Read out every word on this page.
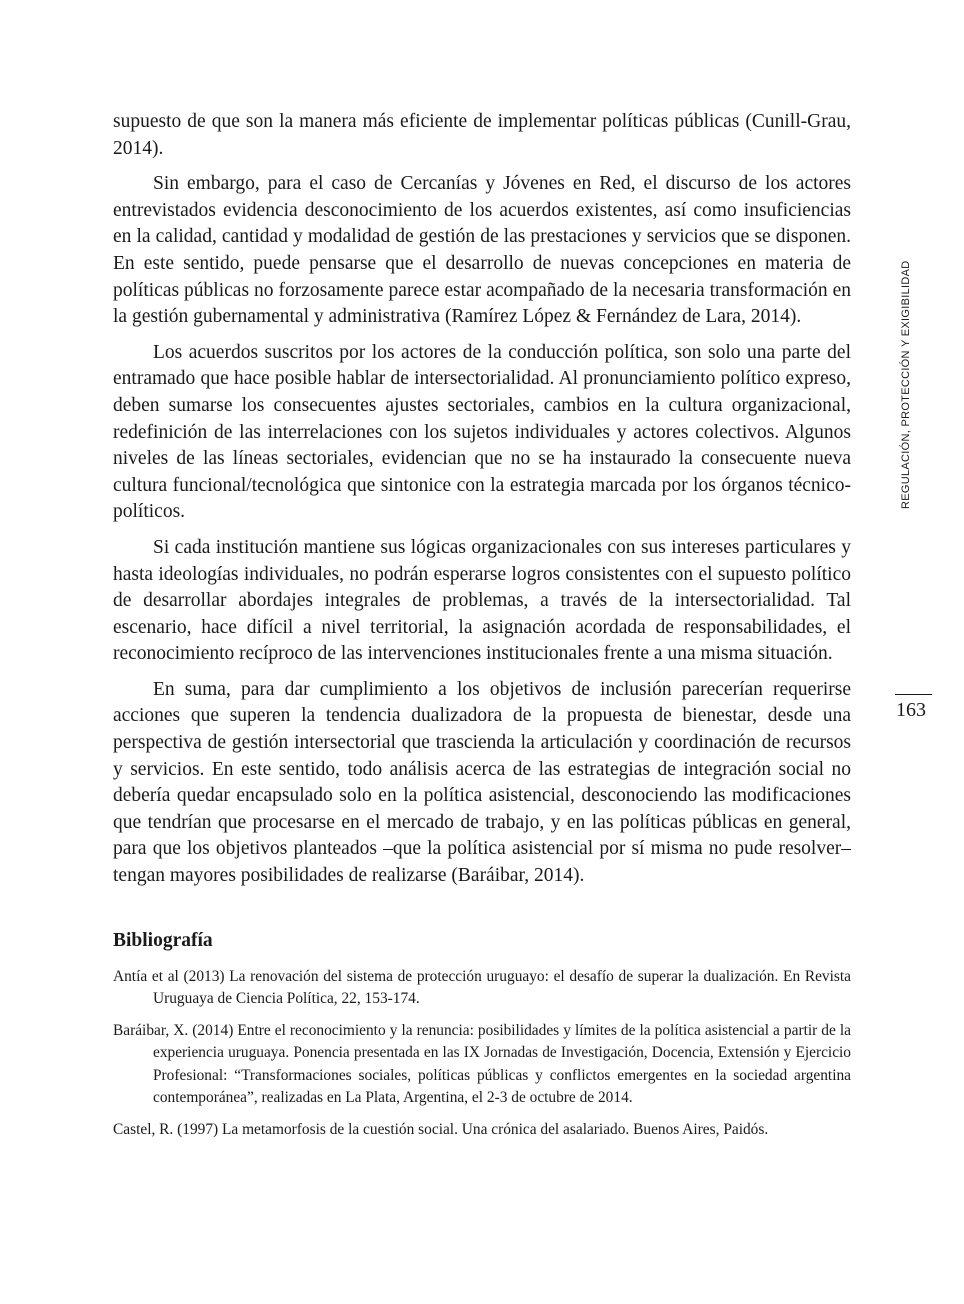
supuesto de que son la manera más eficiente de implementar políticas públicas (Cunill-Grau, 2014).

Sin embargo, para el caso de Cercanías y Jóvenes en Red, el discurso de los actores entrevistados evidencia desconocimiento de los acuerdos existentes, así como insuficiencias en la calidad, cantidad y modalidad de gestión de las prestaciones y servicios que se disponen. En este sentido, puede pensarse que el desarrollo de nuevas concepciones en materia de políticas públicas no forzosamente parece estar acompañado de la necesaria transformación en la gestión gubernamental y administrativa (Ramírez López & Fernández de Lara, 2014).

Los acuerdos suscritos por los actores de la conducción política, son solo una parte del entramado que hace posible hablar de intersectorialidad. Al pronunciamiento político expreso, deben sumarse los consecuentes ajustes sectoriales, cambios en la cultura organizacional, redefinición de las interrelaciones con los sujetos individuales y actores colectivos. Algunos niveles de las líneas sectoriales, evidencian que no se ha instaurado la consecuente nueva cultura funcional/tecnológica que sintonice con la estrategia marcada por los órganos técnico-políticos.

Si cada institución mantiene sus lógicas organizacionales con sus intereses particulares y hasta ideologías individuales, no podrán esperarse logros consistentes con el supuesto político de desarrollar abordajes integrales de problemas, a través de la intersectorialidad. Tal escenario, hace difícil a nivel territorial, la asignación acordada de responsabilidades, el reconocimiento recíproco de las intervenciones institucionales frente a una misma situación.

En suma, para dar cumplimiento a los objetivos de inclusión parecerían requerirse acciones que superen la tendencia dualizadora de la propuesta de bienestar, desde una perspectiva de gestión intersectorial que trascienda la articulación y coordinación de recursos y servicios. En este sentido, todo análisis acerca de las estrategias de integración social no debería quedar encapsulado solo en la política asistencial, desconociendo las modificaciones que tendrían que procesarse en el mercado de trabajo, y en las políticas públicas en general, para que los objetivos planteados –que la política asistencial por sí misma no pude resolver– tengan mayores posibilidades de realizarse (Baráibar, 2014).

Bibliografía

Antía et al (2013) La renovación del sistema de protección uruguayo: el desafío de superar la dualización. En Revista Uruguaya de Ciencia Política, 22, 153-174.

Baráibar, X. (2014) Entre el reconocimiento y la renuncia: posibilidades y límites de la política asistencial a partir de la experiencia uruguaya. Ponencia presentada en las IX Jornadas de Investigación, Docencia, Extensión y Ejercicio Profesional: “Transformaciones sociales, políticas públicas y conflictos emergentes en la sociedad argentina contemporánea”, realizadas en La Plata, Argentina, el 2-3 de octubre de 2014.

Castel, R. (1997) La metamorfosis de la cuestión social. Una crónica del asalariado. Buenos Aires, Paidós.

REGULACIÓN, PROTECCIÓN Y EXIGIBILIDAD
163
